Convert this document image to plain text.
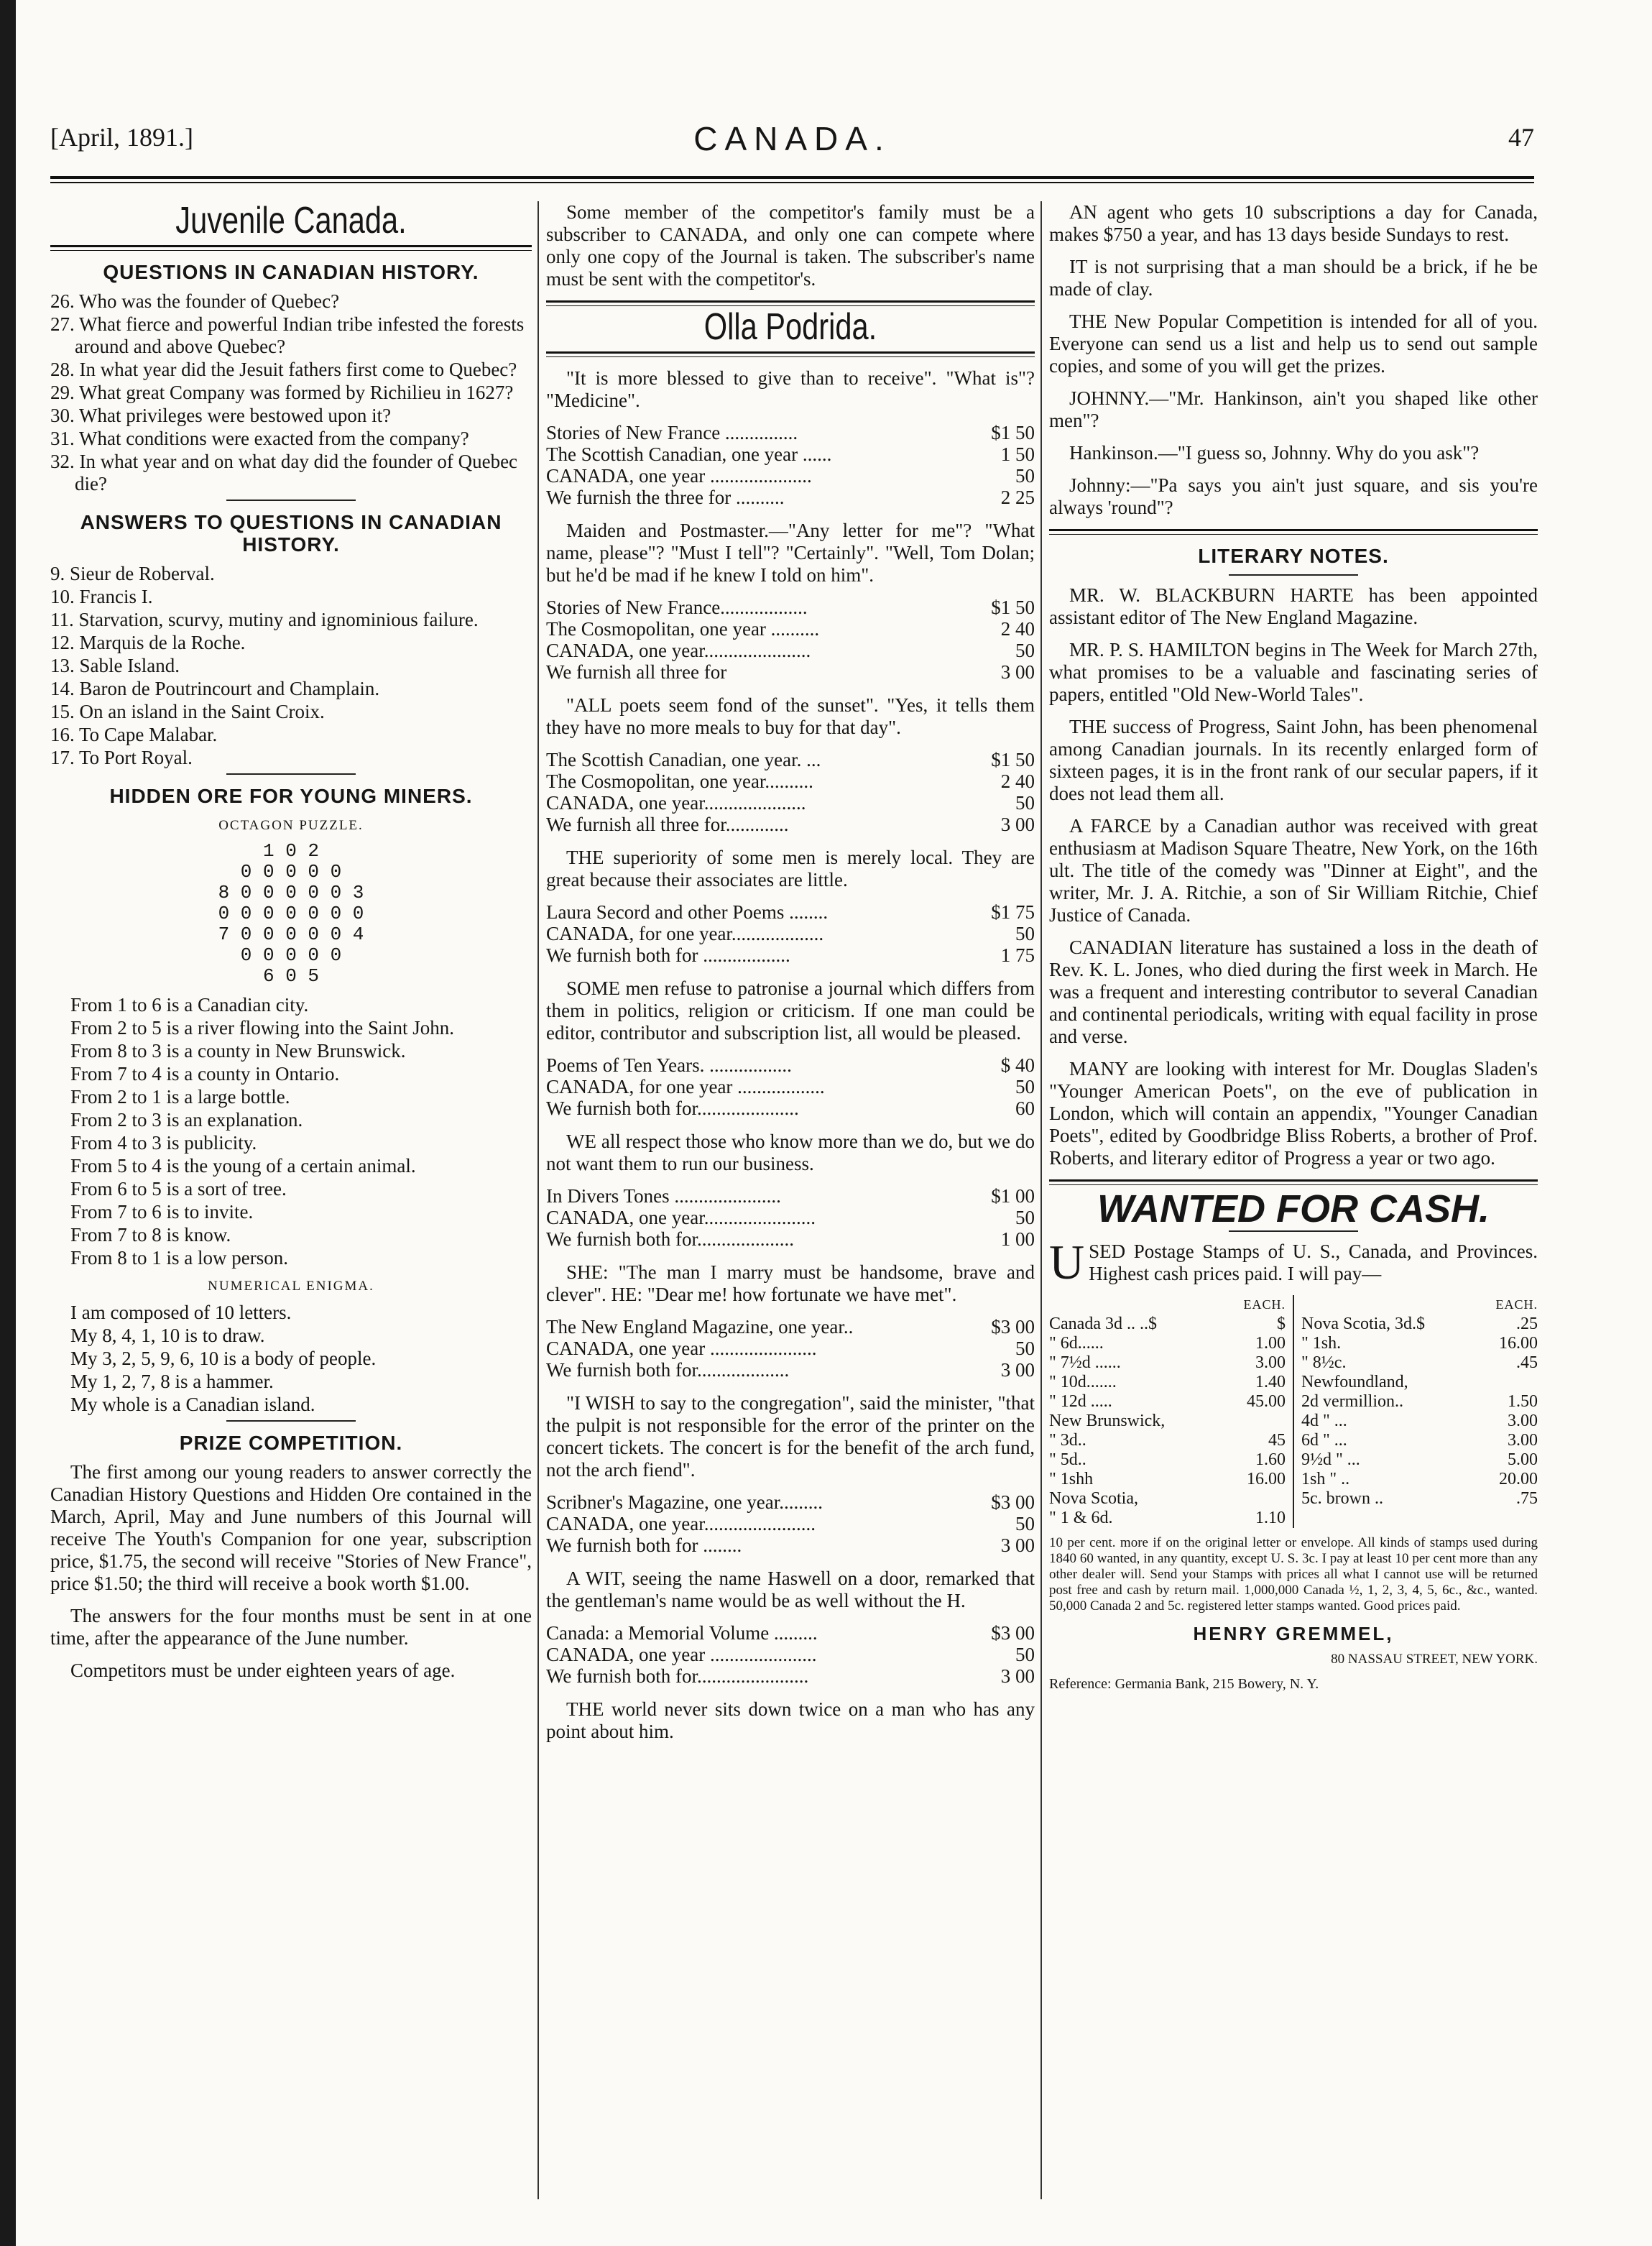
[April, 1891.]	CANADA.	47
Juvenile Canada.
QUESTIONS IN CANADIAN HISTORY.
26. Who was the founder of Quebec?
27. What fierce and powerful Indian tribe infested the forests around and above Quebec?
28. In what year did the Jesuit fathers first come to Quebec?
29. What great Company was formed by Richilieu in 1627?
30. What privileges were bestowed upon it?
31. What conditions were exacted from the company?
32. In what year and on what day did the founder of Quebec die?
ANSWERS TO QUESTIONS IN CANADIAN HISTORY.
9. Sieur de Roberval.
10. Francis I.
11. Starvation, scurvy, mutiny and ignominious failure.
12. Marquis de la Roche.
13. Sable Island.
14. Baron de Poutrincourt and Champlain.
15. On an island in the Saint Croix.
16. To Cape Malabar.
17. To Port Royal.
HIDDEN ORE FOR YOUNG MINERS.
OCTAGON PUZZLE.
1 0 2
0 0 0 0 0
8 0 0 0 0 0 3
0 0 0 0 0 0 0
7 0 0 0 0 0 4
0 0 0 0 0
6 0 5
From 1 to 6 is a Canadian city.
From 2 to 5 is a river flowing into the Saint John.
From 8 to 3 is a county in New Brunswick.
From 7 to 4 is a county in Ontario.
From 2 to 1 is a large bottle.
From 2 to 3 is an explanation.
From 4 to 3 is publicity.
From 5 to 4 is the young of a certain animal.
From 6 to 5 is a sort of tree.
From 7 to 6 is to invite.
From 7 to 8 is know.
From 8 to 1 is a low person.
NUMERICAL ENIGMA.
I am composed of 10 letters.
My 8, 4, 1, 10 is to draw.
My 3, 2, 5, 9, 6, 10 is a body of people.
My 1, 2, 7, 8 is a hammer.
My whole is a Canadian island.
PRIZE COMPETITION.

The first among our young readers to answer correctly the Canadian History Questions and Hidden Ore contained in the March, April, May and June numbers of this Journal will receive The Youth's Companion for one year, subscription price, $1.75, the second will receive "Stories of New France", price $1.50; the third will receive a book worth $1.00.

The answers for the four months must be sent in at one time, after the appearance of the June number.

Competitors must be under eighteen years of age.

Some member of the competitor's family must be a subscriber to CANADA, and only one can compete where only one copy of the Journal is taken. The subscriber's name must be sent with the competitor's.

Olla Podrida.

"It is more blessed to give than to receive". "What is"? "Medicine".

Stories of New France ...............	$1 50
The Scottish Canadian, one year ......	1 50
CANADA, one year .....................	50
We furnish the three for ..........	2 25

Maiden and Postmaster.—"Any letter for me"? "What name, please"? "Must I tell"? "Certainly". "Well, Tom Dolan; but he'd be mad if he knew I told on him".

Stories of New France..................	$1 50
The Cosmopolitan, one year ..........	2 40
CANADA, one year......................	50
We furnish all three for	3 00

"ALL poets seem fond of the sunset". "Yes, it tells them they have no more meals to buy for that day".

The Scottish Canadian, one year. ...	$1 50
The Cosmopolitan, one year..........	2 40
CANADA, one year.....................	50
We furnish all three for.............	3 00

THE superiority of some men is merely local. They are great because their associates are little.

Laura Secord and other Poems ........	$1 75
CANADA, for one year...................	50
We furnish both for ..................	1 75

SOME men refuse to patronise a journal which differs from them in politics, religion or criticism. If one man could be editor, contributor and subscription list, all would be pleased.

Poems of Ten Years. .................	$ 40
CANADA, for one year ..................	50
We furnish both for.....................	60

WE all respect those who know more than we do, but we do not want them to run our business.

In Divers Tones ......................	$1 00
CANADA, one year.......................	50
We furnish both for....................	1 00

SHE: "The man I marry must be handsome, brave and clever". HE: "Dear me! how fortunate we have met".

The New England Magazine, one year..	$3 00
CANADA, one year ......................	50
We furnish both for...................	3 00

"I WISH to say to the congregation", said the minister, "that the pulpit is not responsible for the error of the printer on the concert tickets. The concert is for the benefit of the arch fund, not the arch fiend".

Scribner's Magazine, one year.........	$3 00
CANADA, one year.......................	50
We furnish both for ........	3 00

A WIT, seeing the name Haswell on a door, remarked that the gentleman's name would be as well without the H.

Canada: a Memorial Volume .........	$3 00
CANADA, one year ......................	50
We furnish both for.......................	3 00

THE world never sits down twice on a man who has any point about him.

AN agent who gets 10 subscriptions a day for Canada, makes $750 a year, and has 13 days beside Sundays to rest.

IT is not surprising that a man should be a brick, if he be made of clay.

THE New Popular Competition is intended for all of you. Everyone can send us a list and help us to send out sample copies, and some of you will get the prizes.

JOHNNY.—"Mr. Hankinson, ain't you shaped like other men"?

Hankinson.—"I guess so, Johnny. Why do you ask"?

Johnny:—"Pa says you ain't just square, and sis you're always 'round"?

LITERARY NOTES.

MR. W. BLACKBURN HARTE has been appointed assistant editor of The New England Magazine.

MR. P. S. HAMILTON begins in The Week for March 27th, what promises to be a valuable and fascinating series of papers, entitled "Old New-World Tales".

THE success of Progress, Saint John, has been phenomenal among Canadian journals. In its recently enlarged form of sixteen pages, it is in the front rank of our secular papers, if it does not lead them all.

A FARCE by a Canadian author was received with great enthusiasm at Madison Square Theatre, New York, on the 16th ult. The title of the comedy was "Dinner at Eight", and the writer, Mr. J. A. Ritchie, a son of Sir William Ritchie, Chief Justice of Canada.

CANADIAN literature has sustained a loss in the death of Rev. K. L. Jones, who died during the first week in March. He was a frequent and interesting contributor to several Canadian and continental periodicals, writing with equal facility in prose and verse.

MANY are looking with interest for Mr. Douglas Sladen's "Younger American Poets", on the eve of publication in London, which will contain an appendix, "Younger Canadian Poets", edited by Goodbridge Bliss Roberts, a brother of Prof. Roberts, and literary editor of Progress a year or two ago.

WANTED FOR CASH.

USED Postage Stamps of U. S., Canada, and Provinces. Highest cash prices paid. I will pay—

EACH.
Canada 3d .. ..$	$
" 6d......	1.00
" 7½d ......	3.00
" 10d.......	1.40
" 12d .....	45.00
New Brunswick,
" 3d..	45
" 5d..	1.60
" 1shh	16.00
Nova Scotia,
" 1 & 6d.	1.10
EACH.
Nova Scotia, 3d.$	.25
" 1sh.	16.00
" 8½c.	.45
Newfoundland,
2d vermillion..	1.50
4d " ...	3.00
6d " ...	3.00
9½d " ...	5.00
1sh " ..	20.00
5c. brown ..	.75

10 per cent. more if on the original letter or envelope. All kinds of stamps used during 1840 60 wanted, in any quantity, except U. S. 3c. I pay at least 10 per cent more than any other dealer will. Send your Stamps with prices all what I cannot use will be returned post free and cash by return mail. 1,000,000 Canada ½, 1, 2, 3, 4, 5, 6c., &c., wanted. 50,000 Canada 2 and 5c. registered letter stamps wanted. Good prices paid.

HENRY GREMMEL,
80 NASSAU STREET, NEW YORK.
Reference: Germania Bank, 215 Bowery, N. Y.
